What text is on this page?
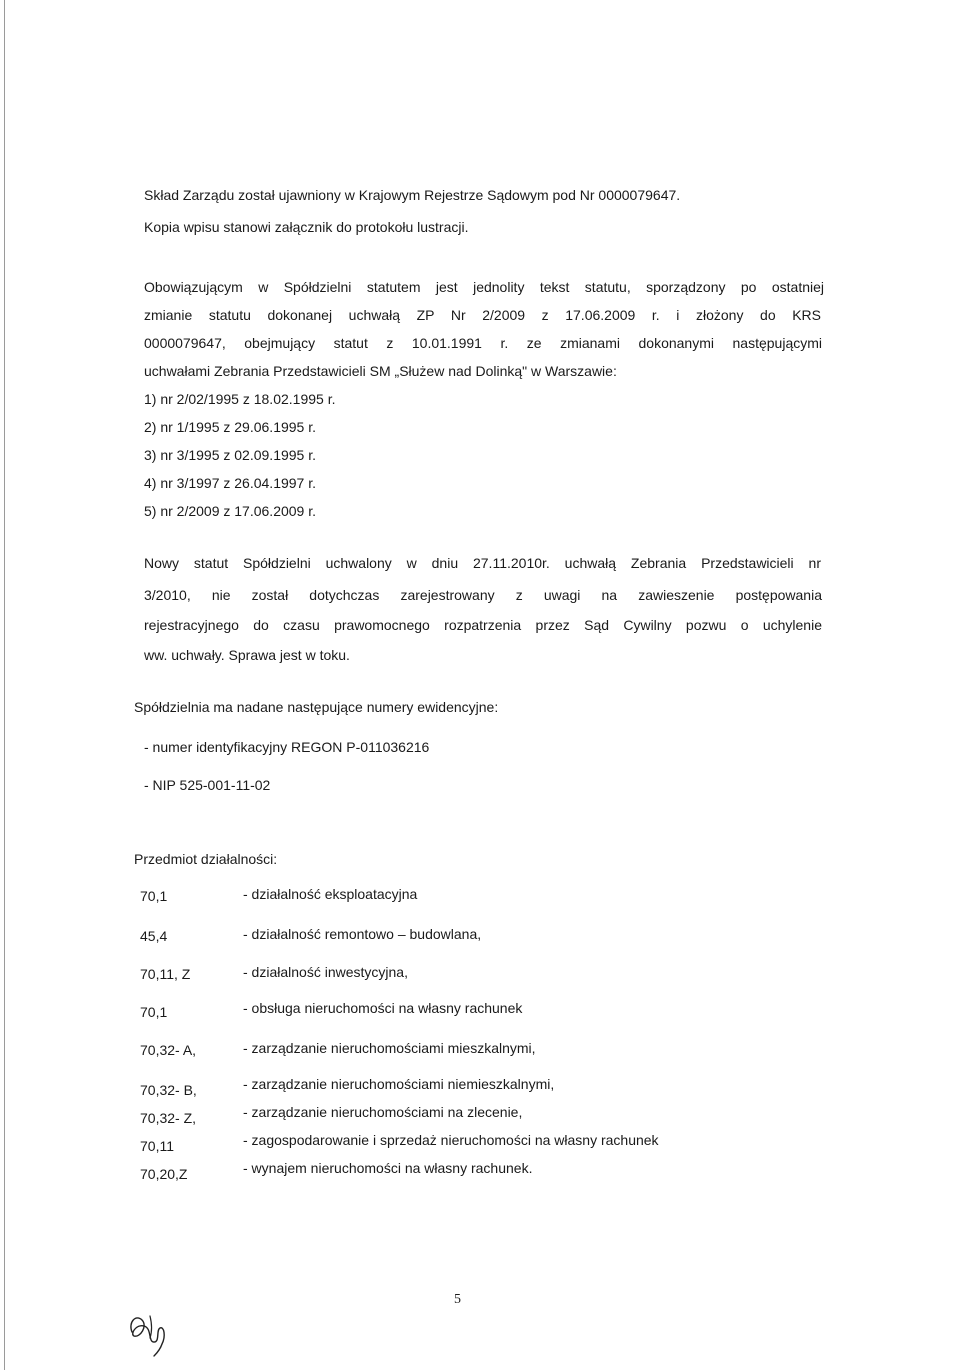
Skład Zarządu został ujawniony w Krajowym Rejestrze Sądowym pod Nr 0000079647.
Kopia wpisu stanowi załącznik do protokołu lustracji.
Obowiązującym w Spółdzielni statutem jest jednolity tekst statutu, sporządzony po ostatniej
zmianie statutu dokonanej uchwałą ZP Nr 2/2009 z 17.06.2009 r. i złożony do KRS
0000079647, obejmujący statut z 10.01.1991 r. ze zmianami dokonanymi następującymi
uchwałami Zebrania Przedstawicieli SM „Służew nad Dolinką" w Warszawie:
1) nr 2/02/1995 z 18.02.1995 r.
2) nr 1/1995 z 29.06.1995 r.
3) nr 3/1995 z 02.09.1995 r.
4) nr 3/1997 z 26.04.1997 r.
5) nr 2/2009 z 17.06.2009 r.
Nowy statut Spółdzielni uchwalony w dniu 27.11.2010r. uchwałą Zebrania Przedstawicieli nr
3/2010, nie został dotychczas zarejestrowany z uwagi na zawieszenie postępowania
rejestracyjnego do czasu prawomocnego rozpatrzenia przez Sąd Cywilny pozwu o uchylenie
ww. uchwały. Sprawa jest w toku.
Spółdzielnia ma nadane następujące numery ewidencyjne:
- numer identyfikacyjny REGON P-011036216
- NIP 525-001-11-02
Przedmiot działalności:
70,1	- działalność eksploatacyjna
45,4	- działalność remontowo – budowlana,
70,11, Z	- działalność inwestycyjna,
70,1	- obsługa nieruchomości na własny rachunek
70,32- A,	- zarządzanie nieruchomościami mieszkalnymi,
70,32- B,	- zarządzanie nieruchomościami niemieszkalnymi,
70,32- Z,	- zarządzanie nieruchomościami na zlecenie,
70,11	- zagospodarowanie i sprzedaż nieruchomości na własny rachunek
70,20,Z	- wynajem nieruchomości na własny rachunek.
5
